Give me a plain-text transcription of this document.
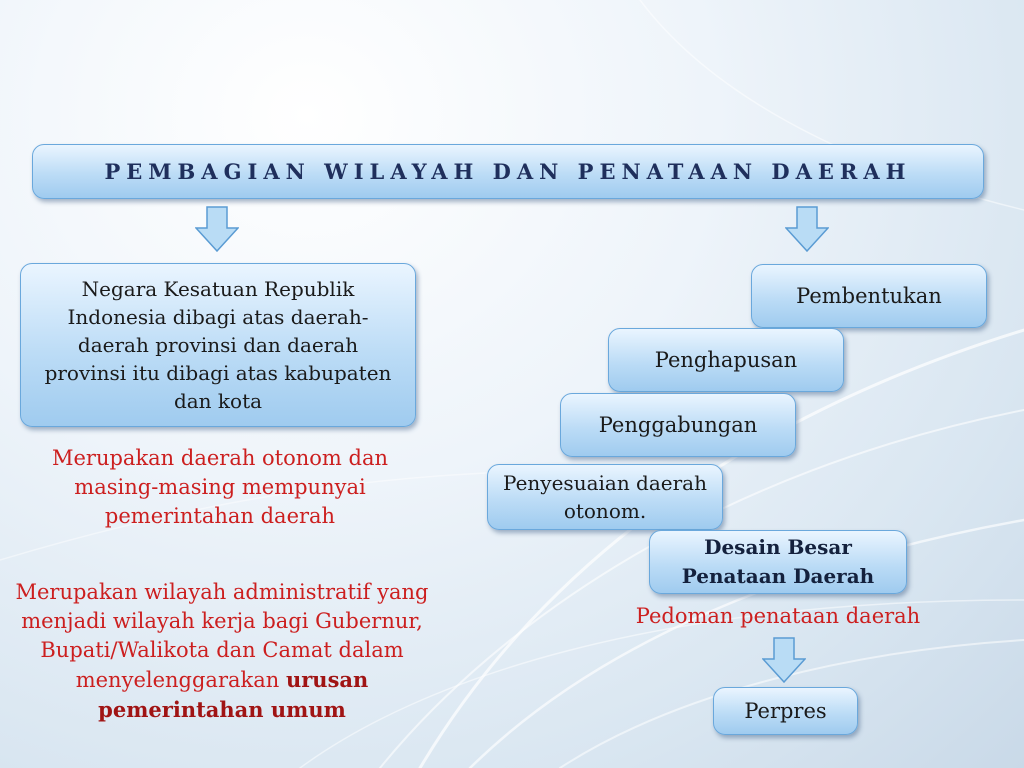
PEMBAGIAN WILAYAH DAN PENATAAN DAERAH
Negara Kesatuan Republik Indonesia dibagi atas daerah-daerah provinsi dan daerah provinsi itu dibagi atas kabupaten dan kota
Merupakan daerah otonom dan masing-masing mempunyai pemerintahan daerah
Merupakan wilayah administratif yang menjadi wilayah kerja bagi Gubernur, Bupati/Walikota dan Camat dalam menyelenggarakan urusan pemerintahan umum
Pembentukan
Penghapusan
Penggabungan
Penyesuaian daerah otonom.
Desain Besar Penataan Daerah
Pedoman penataan daerah
Perpres
